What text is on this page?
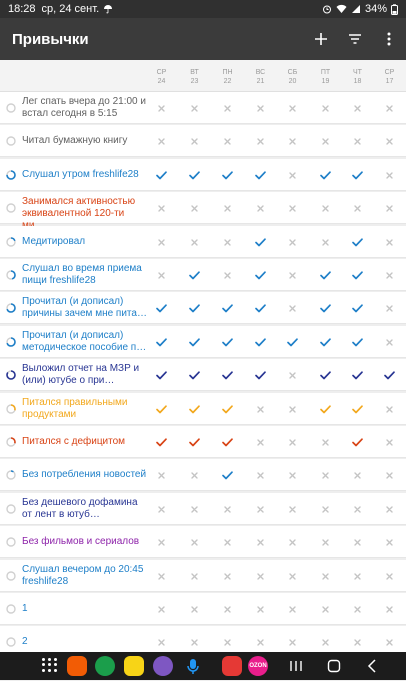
18:28 ср, 24 сент.	34%
Привычки
СР
24
ВТ
23
ПН
22
ВС
21
СБ
20
ПТ
19
ЧТ
18
СР
17
Лег спать вчера до 21:00 и встал сегодня в 5:15
Читал бумажную книгу
Слушал утром freshlife28
Занимался активностью эквивалентной 120-ти
Медитировал
Слушал во время приема пищи freshlife28
Прочитал (и дописал) причины зачем мне пита…
Прочитал (и дописал) методическое пособие п…
Выложил отчет на МЗР и (или) ютубе о при…
Питался правильными продуктами
Питался с дефицитом
Без потребления новостей
Без дешевого дофамина от лент в ютуб…
Без фильмов и сериалов
Слушал вечером до 20:45 freshlife28
1
2
OZON
